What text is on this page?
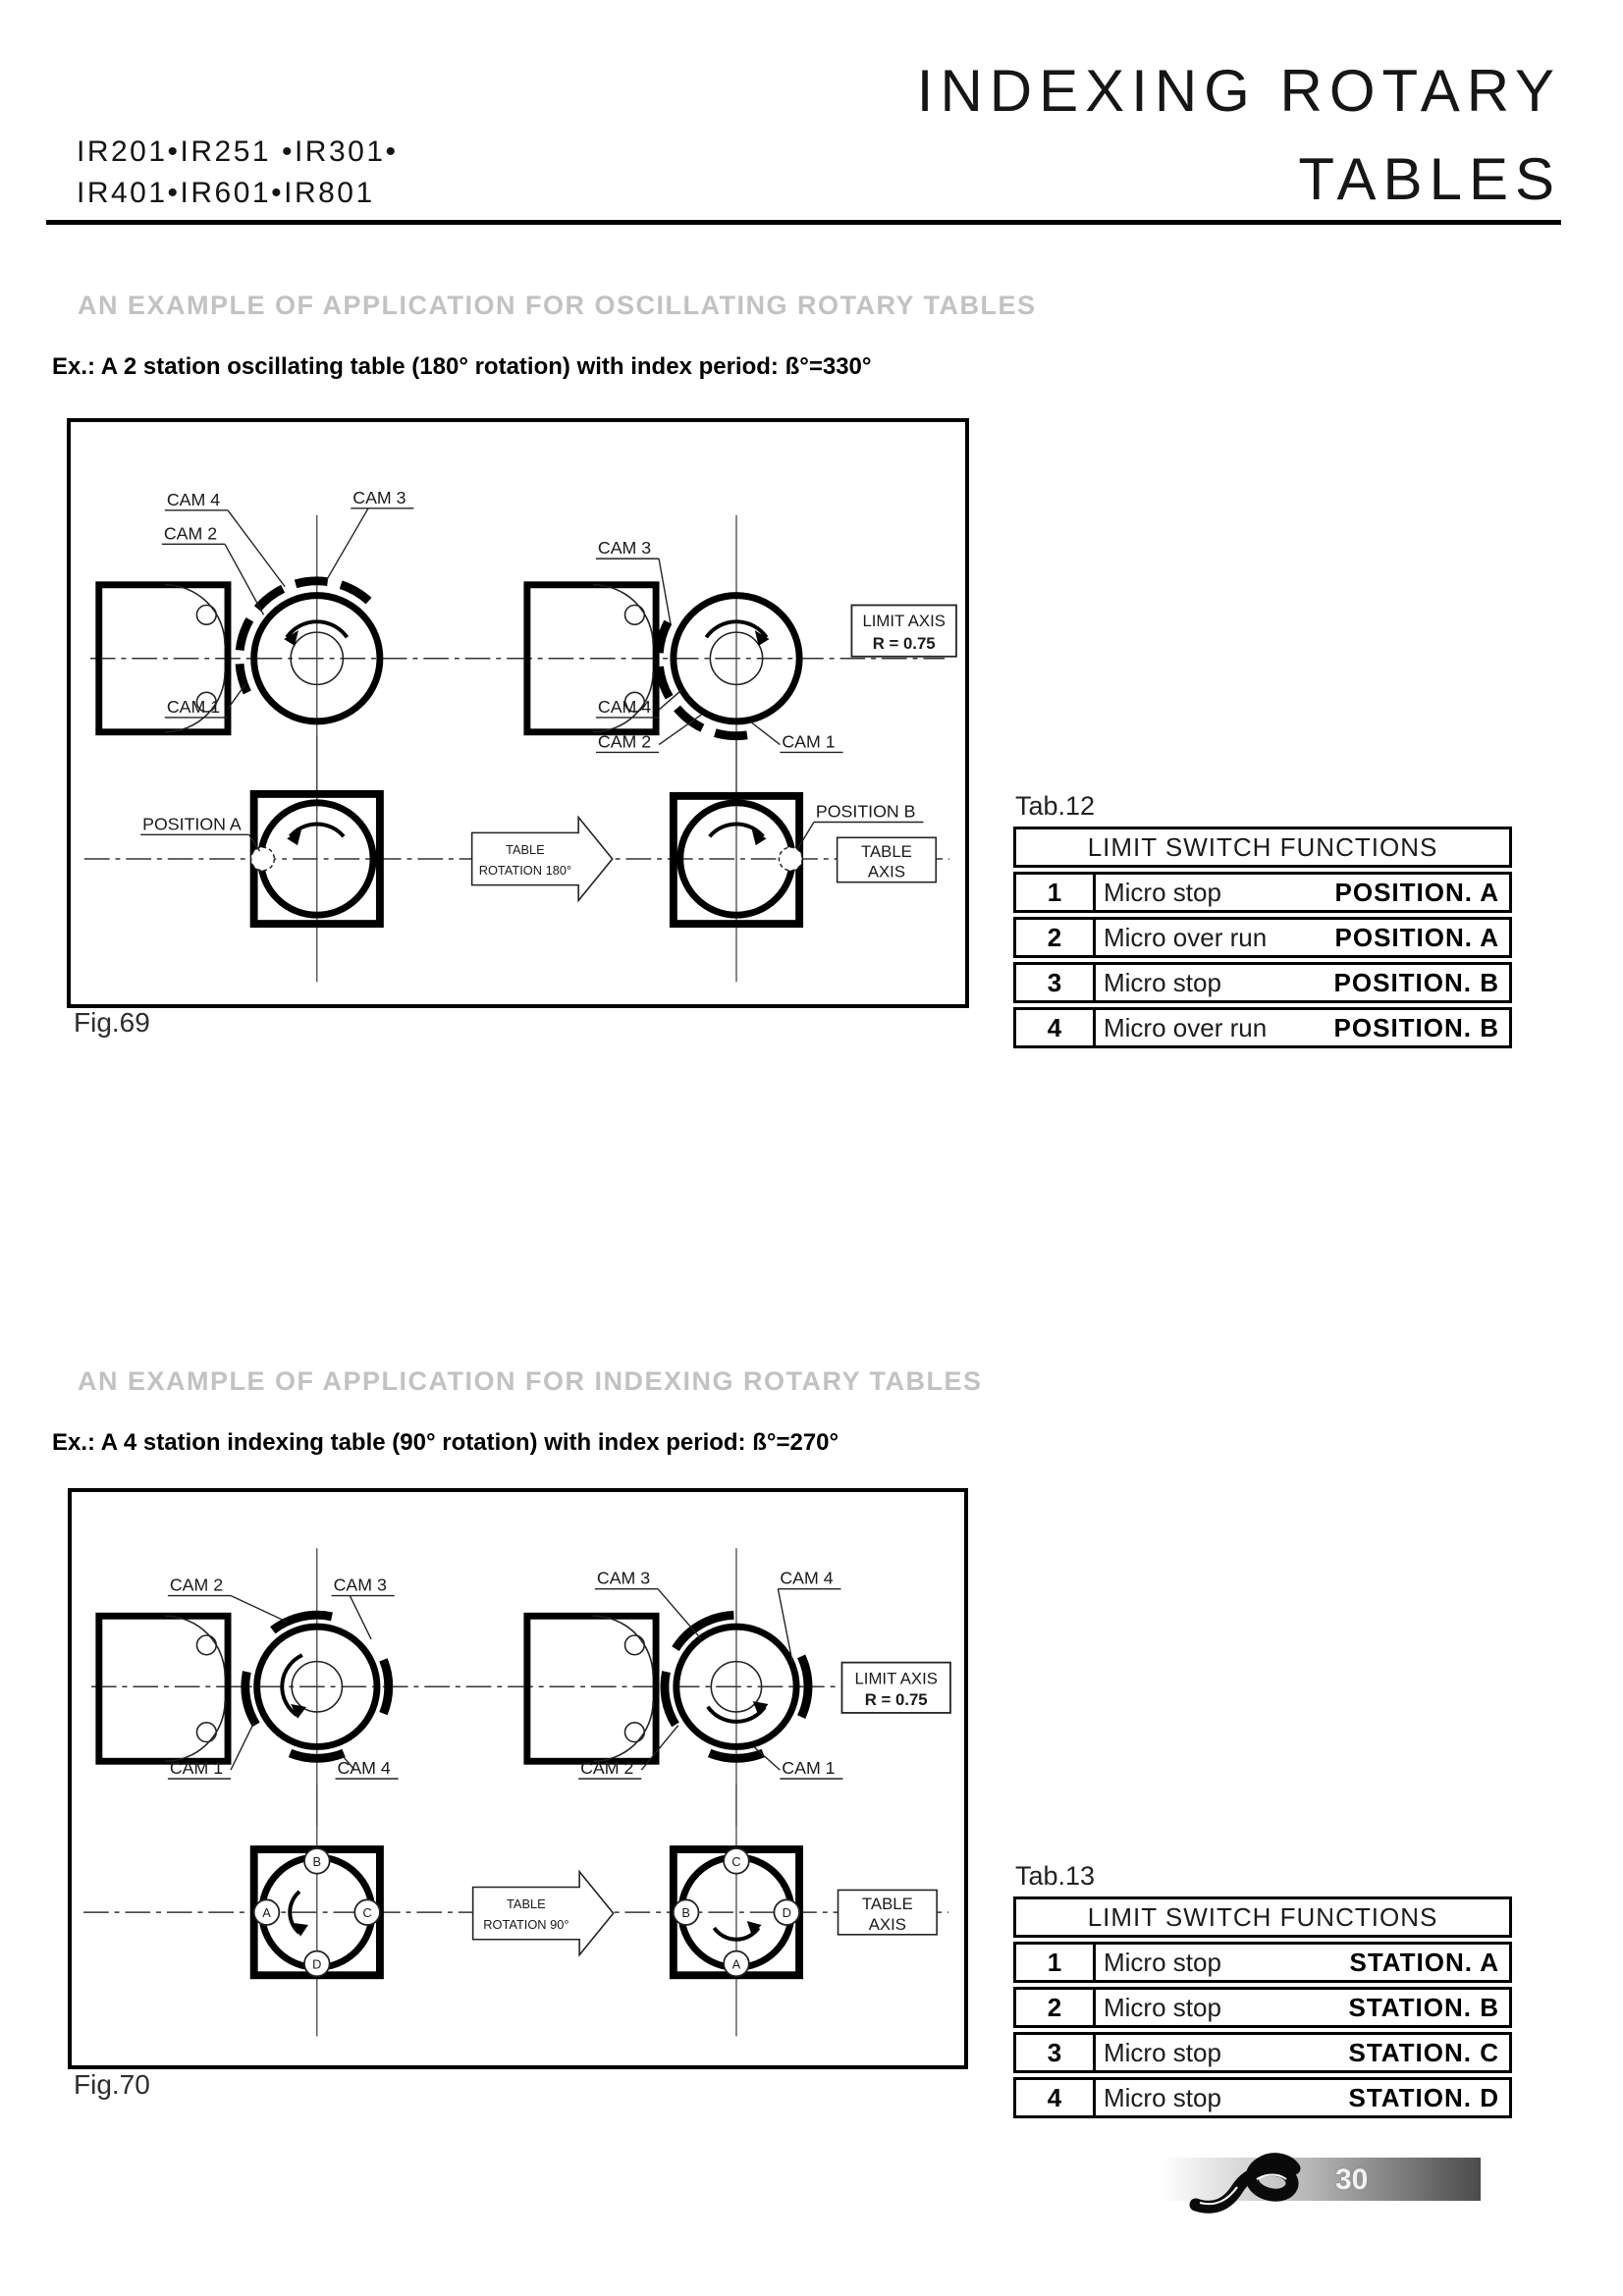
IR201•IR251 •IR301•
IR401•IR601•IR801
INDEXING ROTARY
TABLES
AN EXAMPLE OF APPLICATION FOR OSCILLATING ROTARY TABLES
Ex.: A 2 station oscillating table (180° rotation) with index period: ß°=330°
CAM 4
CAM 2
CAM 3
CAM 1
CAM 3
CAM 4
CAM 2	CAM 1
LIMIT AXIS
R = 0.75
POSITION A
TABLE
ROTATION 180°
POSITION B
TABLE
AXIS
Fig.69
Tab.12
LIMIT SWITCH FUNCTIONS
1	Micro stop	POSITION. A
2	Micro over run	POSITION. A
3	Micro stop	POSITION. B
4	Micro over run	POSITION. B
AN EXAMPLE OF APPLICATION FOR INDEXING ROTARY TABLES
Ex.: A 4 station indexing table (90° rotation) with index period: ß°=270°
CAM 2	CAM 3
CAM 1	CAM 4
CAM 3	CAM 4
CAM 2	CAM 1
LIMIT AXIS
R = 0.75
B
A	C
D
TABLE
ROTATION 90°
C
B	D
A
TABLE
AXIS
Fig.70
Tab.13
LIMIT SWITCH FUNCTIONS
1	Micro stop	STATION. A
2	Micro stop	STATION. B
3	Micro stop	STATION. C
4	Micro stop	STATION. D
30
